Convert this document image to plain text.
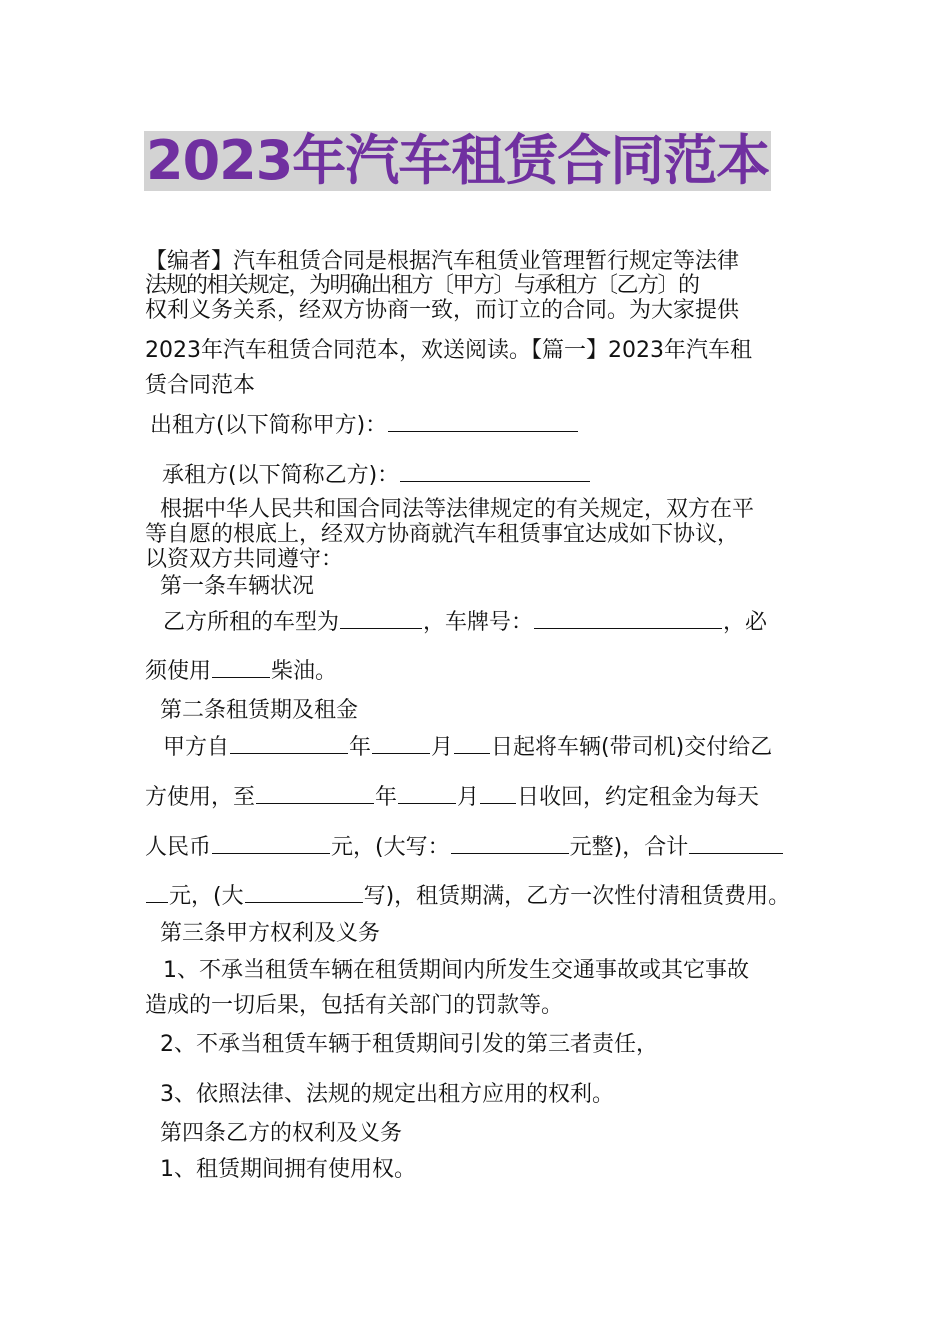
2023年汽车租赁合同范本
【编者】汽车租赁合同是根据汽车租赁业管理暂行规定等法律
法规的相关规定，为明确出租方〔甲方〕与承租方〔乙方〕的
权利义务关系，经双方协商一致，而订立的合同。为大家提供
2023年汽车租赁合同范本，欢送阅读。【篇一】2023年汽车租
赁合同范本
出租方(以下简称甲方)：
承租方(以下简称乙方)：
根据中华人民共和国合同法等法律规定的有关规定，双方在平
等自愿的根底上，经双方协商就汽车租赁事宜达成如下协议，
以资双方共同遵守：
第一条车辆状况
乙方所租的车型为	，车牌号：	，必
须使用	柴油。
第二条租赁期及租金
甲方自	年	月 日起将车辆(带司机)交付给乙
方使用，至	年	月 日收回，约定租金为每天
人民币	元，(大写：	元整)，合计
元，(大	写)，租赁期满，乙方一次性付清租赁费用。
第三条甲方权利及义务
1、不承当租赁车辆在租赁期间内所发生交通事故或其它事故
造成的一切后果，包括有关部门的罚款等。
2、不承当租赁车辆于租赁期间引发的第三者责任，
3、依照法律、法规的规定出租方应用的权利。
第四条乙方的权利及义务
1、租赁期间拥有使用权。
